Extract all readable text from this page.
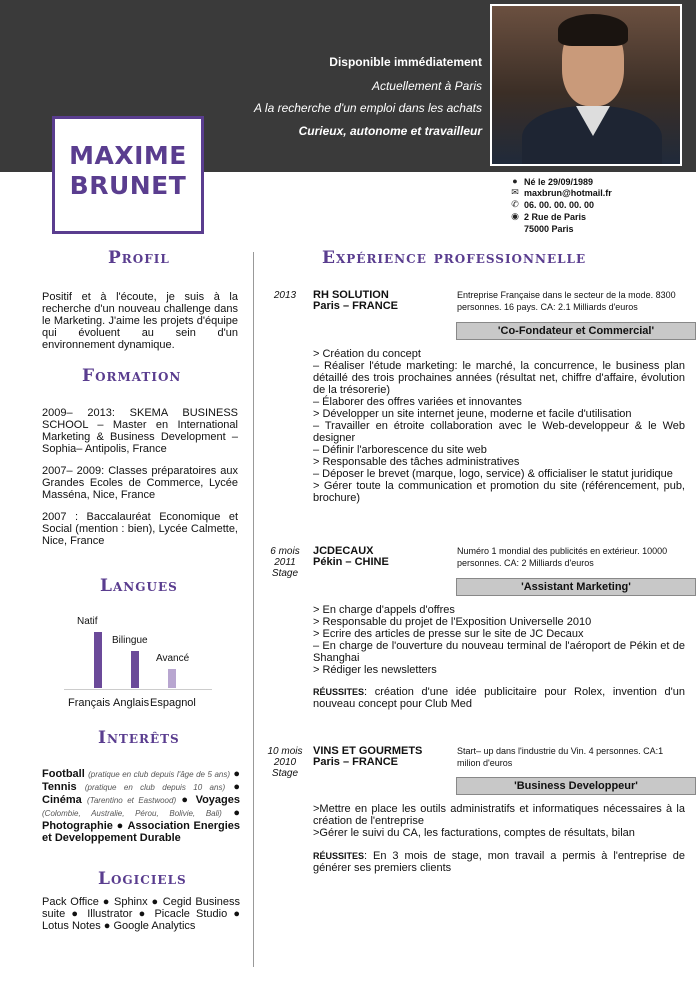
Disponible immédiatement
Actuellement à Paris
A la recherche d'un emploi dans les achats
Curieux, autonome et travailleur
MAXIME
BRUNET	● Né le 29/09/1989
✉ maxbrun@hotmail.fr
✆ 06. 00. 00. 00. 00
◉ 2 Rue de Paris
75000 Paris
Profil
Positif et à l'écoute, je suis à la recherche d'un nouveau challenge dans le Marketing. J'aime les projets d'équipe qui évoluent au sein d'un environnement dynamique.
Formation
2009– 2013: SKEMA BUSINESS SCHOOL – Master en International Marketing & Business Development – Sophia– Antipolis, France
2007– 2009: Classes préparatoires aux Grandes Ecoles de Commerce, Lycée Masséna, Nice, France
2007 : Baccalauréat Economique et Social (mention : bien), Lycée Calmette, Nice, France
Langues
Natif
Français
Bilingue
Anglais
Avancé
Espagnol
Interêts
Football (pratique en club depuis l'âge de 5 ans) ● Tennis (pratique en club depuis 10 ans) ● Cinéma (Tarentino et Eastwood) ● Voyages (Colombie, Australie, Pérou, Bolivie, Bali) ● Photographie ● Association Energies et Developpement Durable
Logiciels
Pack Office ● Sphinx ● Cegid Business suite ● Illustrator ● Picacle Studio ● Lotus Notes ● Google Analytics
Expérience professionnelle
2013	RH SOLUTION
Paris – FRANCE
Entreprise Française dans le secteur de la mode. 8300 personnes. 16 pays. CA: 2.1 Milliards d'euros
'Co-Fondateur et Commercial'
> Création du concept
– Réaliser l'étude marketing: le marché, la concurrence, le business plan détaillé des trois prochaines années (résultat net, chiffre d'affaire, évolution de la trésorerie)
– Élaborer des offres variées et innovantes
> Développer un site internet jeune, moderne et facile d'utilisation
– Travailler en étroite collaboration avec le Web-developpeur & le Web designer
– Définir l'arborescence du site web
> Responsable des tâches administratives
– Déposer le brevet (marque, logo, service) & officialiser le statut juridique
> Gérer toute la communication et promotion du site (référencement, pub, brochure)
6 mois
2011
Stage
JCDECAUX
Pékin – CHINE
Numéro 1 mondial des publicités en extérieur. 10000 personnes. CA: 2 Milliards d'euros
'Assistant Marketing'
> En charge d'appels d'offres
> Responsable du projet de l'Exposition Universelle 2010
> Ecrire des articles de presse sur le site de JC Decaux
– En charge de l'ouverture du nouveau terminal de l'aéroport de Pékin et de Shanghai
> Rédiger les newsletters
RÉUSSITES: création d'une idée publicitaire pour Rolex, invention d'un nouveau concept pour Club Med
10 mois
2010
Stage
VINS ET GOURMETS
Paris – FRANCE
Start– up dans l'industrie du Vin. 4 personnes. CA:1 milion d'euros
'Business Developpeur'
>Mettre en place les outils administratifs et informatiques nécessaires à la création de l'entreprise
>Gérer le suivi du CA, les facturations, comptes de résultats, bilan
RÉUSSITES: En 3 mois de stage, mon travail a permis à l'entreprise de générer ses premiers clients
